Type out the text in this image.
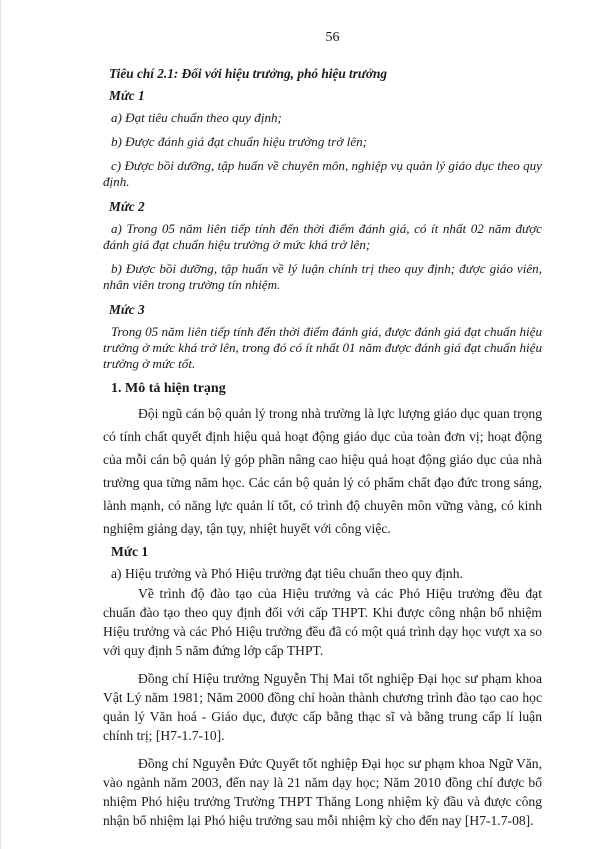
56
Tiêu chí 2.1: Đối với hiệu trưởng, phó hiệu trưởng
Mức 1

a) Đạt tiêu chuẩn theo quy định;

b) Được đánh giá đạt chuẩn hiệu trưởng trở lên;

c) Được bồi dưỡng, tập huấn về chuyên môn, nghiệp vụ quản lý giáo dục theo quy định.

Mức 2

a) Trong 05 năm liên tiếp tính đến thời điểm đánh giá, có ít nhất 02 năm được đánh giá đạt chuẩn hiệu trưởng ở mức khá trở lên;

b) Được bồi dưỡng, tập huấn về lý luận chính trị theo quy định; được giáo viên, nhân viên trong trường tín nhiệm.

Mức 3

Trong 05 năm liên tiếp tính đến thời điểm đánh giá, được đánh giá đạt chuẩn hiệu trưởng ở mức khá trở lên, trong đó có ít nhất 01 năm được đánh giá đạt chuẩn hiệu trưởng ở mức tốt.

1. Mô tả hiện trạng

Đội ngũ cán bộ quản lý trong nhà trường là lực lượng giáo dục quan trọng có tính chất quyết định hiệu quả hoạt động giáo dục của toàn đơn vị; hoạt động của mỗi cán bộ quản lý góp phần nâng cao hiệu quả hoạt động giáo dục của nhà trường qua từng năm học. Các cán bộ quản lý có phẩm chất đạo đức trong sáng, lành mạnh, có năng lực quản lí tốt, có trình độ chuyên môn vững vàng, có kinh nghiệm giảng dạy, tận tụy, nhiệt huyết với công việc.

Mức 1
a) Hiệu trưởng và Phó Hiệu trưởng đạt tiêu chuẩn theo quy định.

Về trình độ đào tạo của Hiệu trưởng và các Phó Hiệu trưởng đều đạt chuẩn đào tạo theo quy định đối với cấp THPT. Khi được công nhận bổ nhiệm Hiệu trưởng và các Phó Hiệu trưởng đều đã có một quá trình dạy học vượt xa so với quy định 5 năm đứng lớp cấp THPT.

Đồng chí Hiệu trưởng Nguyễn Thị Mai tốt nghiệp Đại học sư phạm khoa Vật Lý năm 1981; Năm 2000 đồng chí hoàn thành chương trình đào tạo cao học quản lý Văn hoá - Giáo dục, được cấp bằng thạc sĩ và bằng trung cấp lí luận chính trị; [H7-1.7-10].

Đồng chí Nguyễn Đức Quyết tốt nghiệp Đại học sư phạm khoa Ngữ Văn, vào ngành năm 2003, đến nay là 21 năm dạy học; Năm 2010 đồng chí được bổ nhiệm Phó hiệu trưởng Trường THPT Thăng Long nhiệm kỳ đầu và được công nhận bổ nhiệm lại Phó hiệu trưởng sau mỗi nhiệm kỳ cho đến nay [H7-1.7-08].
